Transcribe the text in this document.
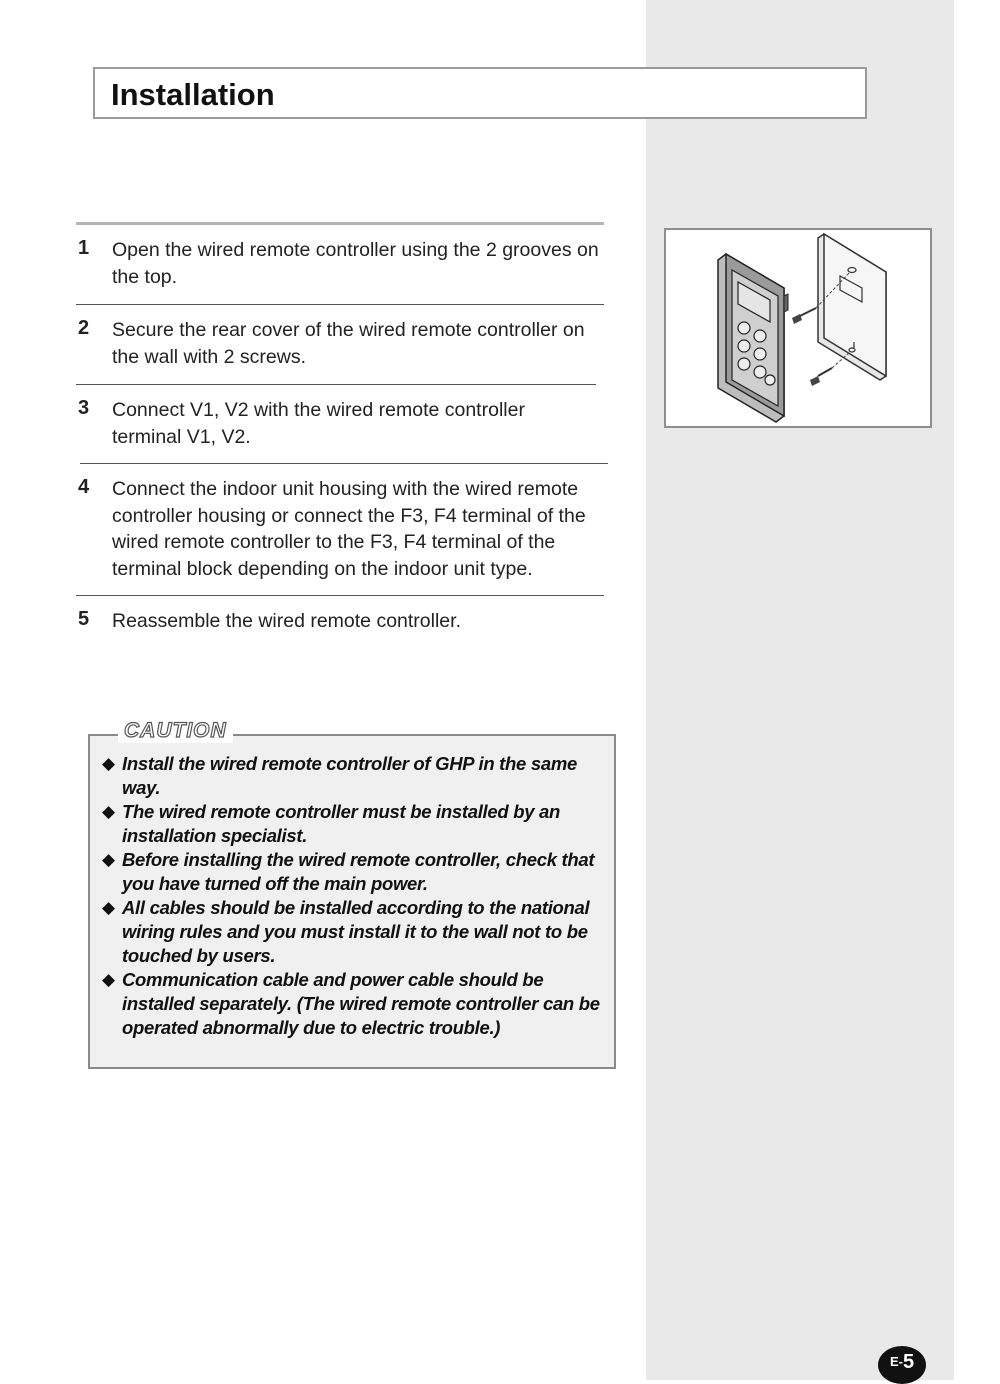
Installation
1 Open the wired remote controller using the 2 grooves on the top.
2 Secure the rear cover of the wired remote controller on the wall with 2 screws.
3 Connect V1, V2 with the wired remote controller terminal V1, V2.
4 Connect the indoor unit housing with the wired remote controller housing or connect the F3, F4 terminal of the wired remote controller to the F3, F4 terminal of the terminal block depending on the indoor unit type.
5 Reassemble the wired remote controller.
CAUTION
◆ Install the wired remote controller of GHP in the same way.
◆ The wired remote controller must be installed by an installation specialist.
◆ Before installing the wired remote controller, check that you have turned off the main power.
◆ All cables should be installed according to the national wiring rules and you must install it to the wall not to be touched by users.
◆ Communication cable and power cable should be installed separately. (The wired remote controller can be operated abnormally due to electric trouble.)
E-5
